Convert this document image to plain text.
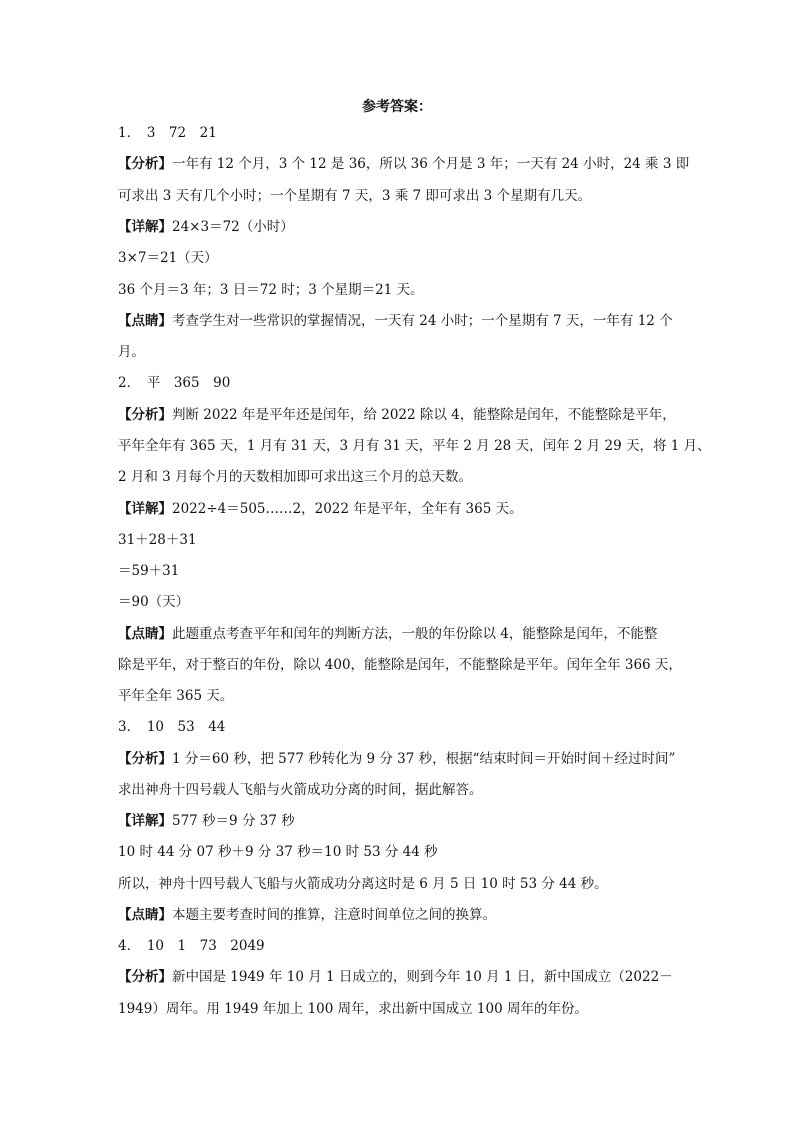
参考答案：
1．　3　72　21
【分析】一年有 12 个月，3 个 12 是 36，所以 36 个月是 3 年；一天有 24 小时，24 乘 3 即
可求出 3 天有几个小时；一个星期有 7 天，3 乘 7 即可求出 3 个星期有几天。
【详解】24×3＝72（小时）
3×7＝21（天）
36 个月＝3 年；3 日＝72 时；3 个星期＝21 天。
【点睛】考查学生对一些常识的掌握情况，一天有 24 小时；一个星期有 7 天，一年有 12 个
月。
2．　平　365　90
【分析】判断 2022 年是平年还是闰年，给 2022 除以 4，能整除是闰年，不能整除是平年，
平年全年有 365 天，1 月有 31 天，3 月有 31 天，平年 2 月 28 天，闰年 2 月 29 天，将 1 月、
2 月和 3 月每个月的天数相加即可求出这三个月的总天数。
【详解】2022÷4＝505……2，2022 年是平年，全年有 365 天。
31＋28＋31
＝59＋31
＝90（天）
【点睛】此题重点考查平年和闰年的判断方法，一般的年份除以 4，能整除是闰年，不能整
除是平年，对于整百的年份，除以 400，能整除是闰年，不能整除是平年。闰年全年 366 天，
平年全年 365 天。
3．　10　53　44
【分析】1 分＝60 秒，把 577 秒转化为 9 分 37 秒，根据“结束时间＝开始时间＋经过时间”
求出神舟十四号载人飞船与火箭成功分离的时间，据此解答。
【详解】577 秒＝9 分 37 秒
10 时 44 分 07 秒＋9 分 37 秒＝10 时 53 分 44 秒
所以，神舟十四号载人飞船与火箭成功分离这时是 6 月 5 日 10 时 53 分 44 秒。
【点睛】本题主要考查时间的推算，注意时间单位之间的换算。
4．　10　1　73　2049
【分析】新中国是 1949 年 10 月 1 日成立的，则到今年 10 月 1 日，新中国成立（2022－
1949）周年。用 1949 年加上 100 周年，求出新中国成立 100 周年的年份。
